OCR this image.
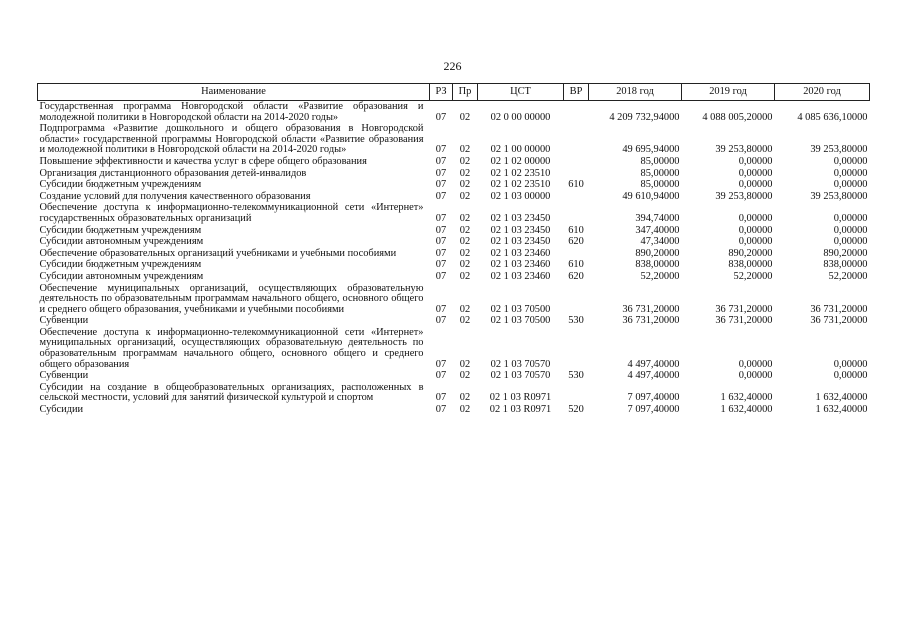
226
Наименование	РЗ	Пр	ЦСТ	ВР	2018 год	2019 год	2020 год
Государственная программа Новгородской области «Развитие образования и молодежной политики в Новгородской области на 2014-2020 годы»	07	02	02 0 00 00000		4 209 732,94000	4 088 005,20000	4 085 636,10000
Подпрограмма «Развитие дошкольного и общего образования в Новгородской области» государственной программы Новгородской области «Развитие образования и молодежной политики в Новгородской области на 2014-2020 годы»	07	02	02 1 00 00000		49 695,94000	39 253,80000	39 253,80000
Повышение эффективности и качества услуг в сфере общего образования	07	02	02 1 02 00000		85,00000	0,00000	0,00000
Организация дистанционного образования детей-инвалидов	07	02	02 1 02 23510		85,00000	0,00000	0,00000
Субсидии бюджетным учреждениям	07	02	02 1 02 23510	610	85,00000	0,00000	0,00000
Создание условий для получения качественного образования	07	02	02 1 03 00000		49 610,94000	39 253,80000	39 253,80000
Обеспечение доступа к информационно-телекоммуникационной сети «Интернет» государственных образовательных организаций	07	02	02 1 03 23450		394,74000	0,00000	0,00000
Субсидии бюджетным учреждениям	07	02	02 1 03 23450	610	347,40000	0,00000	0,00000
Субсидии автономным учреждениям	07	02	02 1 03 23450	620	47,34000	0,00000	0,00000
Обеспечение образовательных организаций учебниками и учебными пособиями	07	02	02 1 03 23460		890,20000	890,20000	890,20000
Субсидии бюджетным учреждениям	07	02	02 1 03 23460	610	838,00000	838,00000	838,00000
Субсидии автономным учреждениям	07	02	02 1 03 23460	620	52,20000	52,20000	52,20000
Обеспечение муниципальных организаций, осуществляющих образовательную деятельность по образовательным программам начального общего, основного общего и среднего общего образования, учебниками и учебными пособиями	07	02	02 1 03 70500		36 731,20000	36 731,20000	36 731,20000
Субвенции	07	02	02 1 03 70500	530	36 731,20000	36 731,20000	36 731,20000
Обеспечение доступа к информационно-телекоммуникационной сети «Интернет» муниципальных организаций, осуществляющих образовательную деятельность по образовательным программам начального общего, основного общего и среднего общего образования	07	02	02 1 03 70570		4 497,40000	0,00000	0,00000
Субвенции	07	02	02 1 03 70570	530	4 497,40000	0,00000	0,00000
Субсидии на создание в общеобразовательных организациях, расположенных в сельской местности, условий для занятий физической культурой и спортом	07	02	02 1 03 R0971		7 097,40000	1 632,40000	1 632,40000
Субсидии	07	02	02 1 03 R0971	520	7 097,40000	1 632,40000	1 632,40000
